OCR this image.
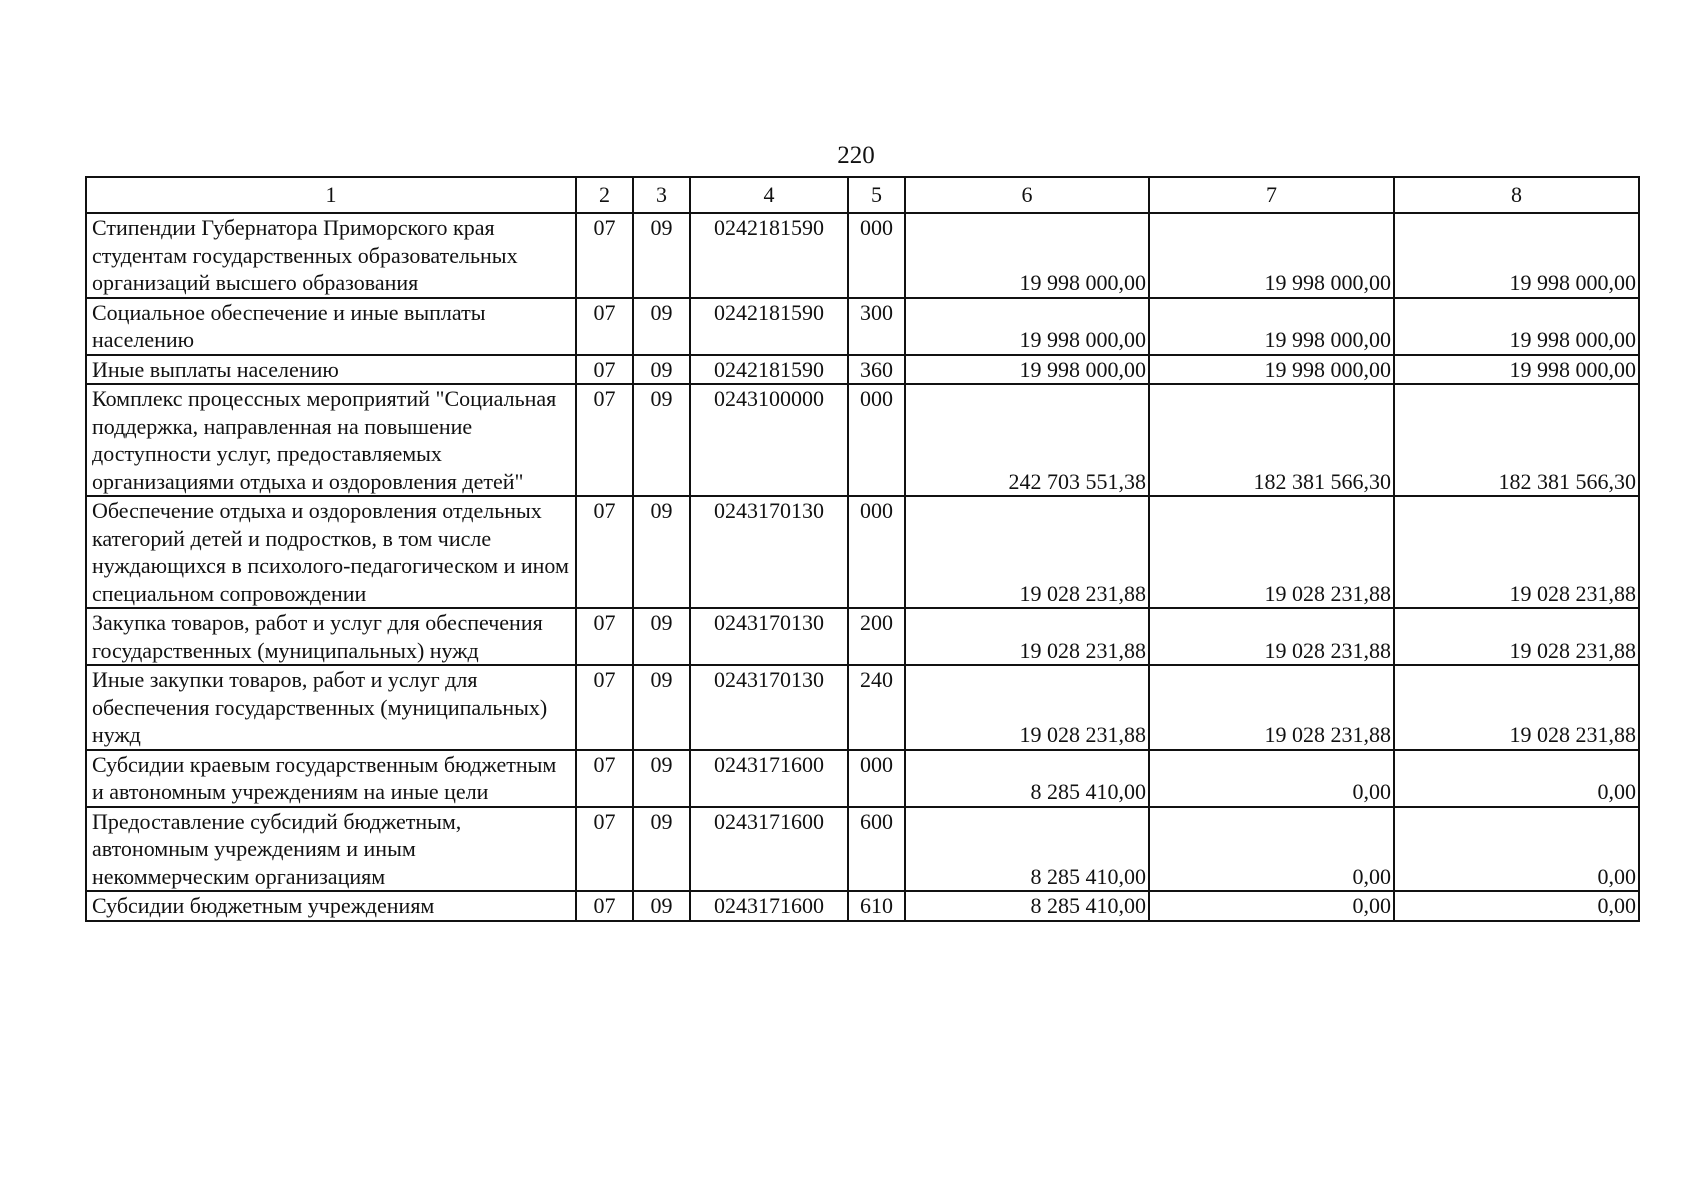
220
1	2	3	4	5	6	7	8
Стипендии Губернатора Приморского края студентам государственных образовательных организаций высшего образования	07	09	0242181590	000	19 998 000,00	19 998 000,00	19 998 000,00
Социальное обеспечение и иные выплаты населению	07	09	0242181590	300	19 998 000,00	19 998 000,00	19 998 000,00
Иные выплаты населению	07	09	0242181590	360	19 998 000,00	19 998 000,00	19 998 000,00
Комплекс процессных мероприятий "Социальная поддержка, направленная на повышение доступности услуг, предоставляемых организациями отдыха и оздоровления детей"	07	09	0243100000	000	242 703 551,38	182 381 566,30	182 381 566,30
Обеспечение отдыха и оздоровления отдельных категорий детей и подростков, в том числе нуждающихся в психолого-педагогическом и ином специальном сопровождении	07	09	0243170130	000	19 028 231,88	19 028 231,88	19 028 231,88
Закупка товаров, работ и услуг для обеспечения государственных (муниципальных) нужд	07	09	0243170130	200	19 028 231,88	19 028 231,88	19 028 231,88
Иные закупки товаров, работ и услуг для обеспечения государственных (муниципальных) нужд	07	09	0243170130	240	19 028 231,88	19 028 231,88	19 028 231,88
Субсидии краевым государственным бюджетным и автономным учреждениям на иные цели	07	09	0243171600	000	8 285 410,00	0,00	0,00
Предоставление субсидий бюджетным, автономным учреждениям и иным некоммерческим организациям	07	09	0243171600	600	8 285 410,00	0,00	0,00
Субсидии бюджетным учреждениям	07	09	0243171600	610	8 285 410,00	0,00	0,00
